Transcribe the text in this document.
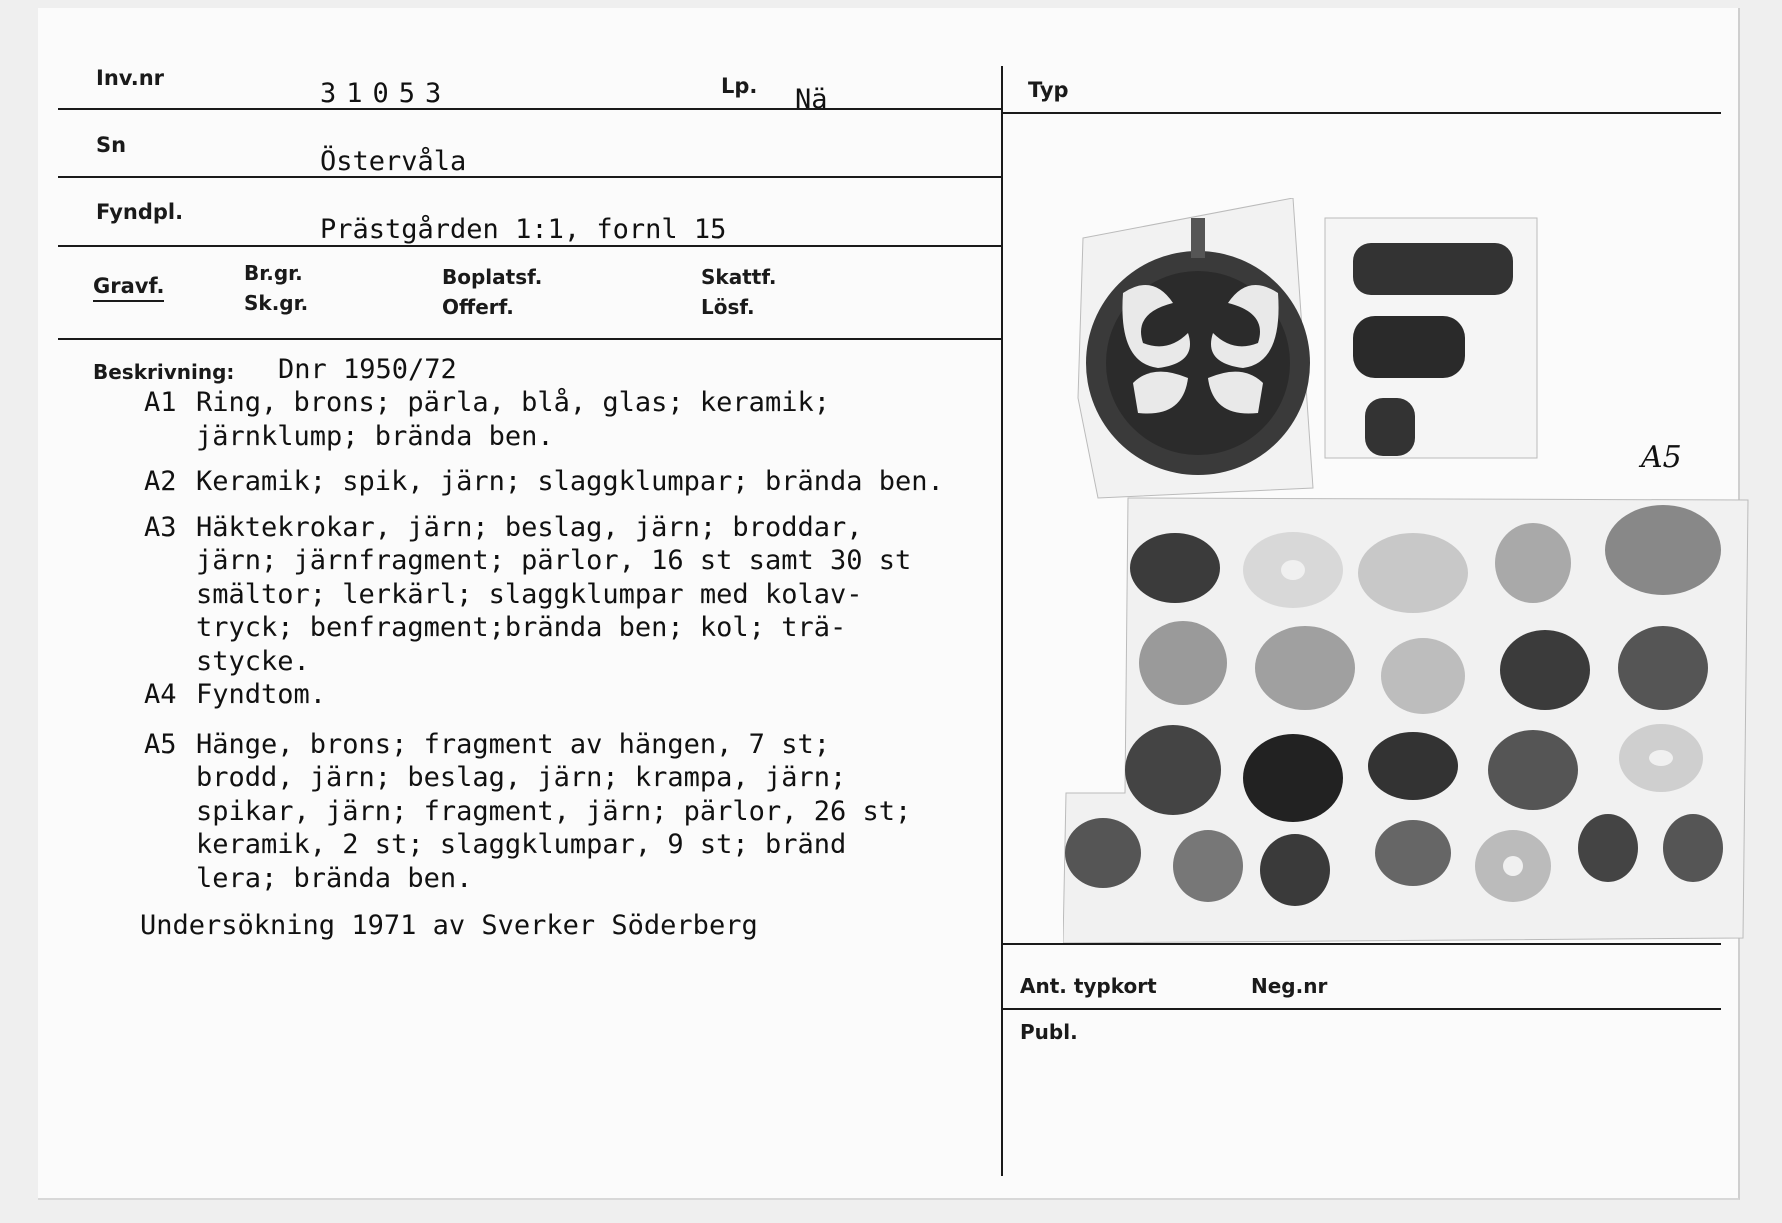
Inv.nr	31053	Lp. Nä
Sn
Östervåla
Fyndpl.
Prästgården 1:1, fornl 15
Gravf.
Br.gr.
Sk.gr.
Boplatsf.
Offerf.
Skattf.
Lösf.
Typ
Beskrivning: Dnr 1950/72
A1 Ring, brons; pärla, blå, glas; keramik;
järnklump; brända ben.
A2 Keramik; spik, järn; slaggklumpar; brända ben.
A3 Häktekrokar, järn; beslag, järn; broddar,
järn; järnfragment; pärlor, 16 st samt 30 st
smältor; lerkärl; slaggklumpar med kolav-
tryck; benfragment;brända ben; kol; trä-
stycke.
A4 Fyndtom.
A5 Hänge, brons; fragment av hängen, 7 st;
brodd, järn; beslag, järn; krampa, järn;
spikar, järn; fragment, järn; pärlor, 26 st;
keramik, 2 st; slaggklumpar, 9 st; bränd
lera; brända ben.
Undersökning 1971 av Sverker Söderberg
A5
Ant. typkort	Neg.nr
Publ.
